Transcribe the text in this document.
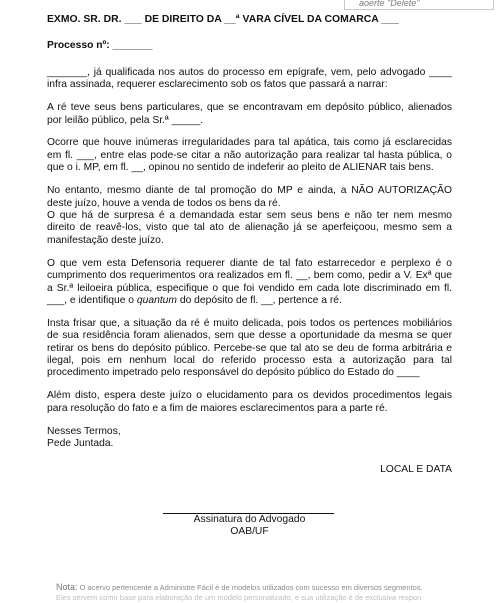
aoerte "Delete"
EXMO. SR. DR. ___ DE DIREITO DA __ª VARA CÍVEL DA COMARCA ___
Processo nº: _______

_______, já qualificada nos autos do processo em epígrafe, vem, pelo advogado ____ infra assinada, requerer esclarecimento sob os fatos que passará a narrar:

A ré teve seus bens particulares, que se encontravam em depósito público, alienados por leilão público, pela Sr.ª _____.

Ocorre que houve inúmeras irregularidades para tal apática, tais como já esclarecidas em fl. ___, entre elas pode-se citar a não autorização para realizar tal hasta pública, o que o i. MP, em fl. __, opinou no sentido de indeferir ao pleito de ALIENAR tais bens.

No entanto, mesmo diante de tal promoção do MP e ainda, a NÃO AUTORIZAÇÃO deste juízo, houve a venda de todos os bens da ré.

O que há de surpresa é a demandada estar sem seus bens e não ter nem mesmo direito de reavê-los, visto que tal ato de alienação já se aperfeiçoou, mesmo sem a manifestação deste juízo.

O que vem esta Defensoria requerer diante de tal fato estarrecedor e perplexo é o cumprimento dos requerimentos ora realizados em fl. __, bem como, pedir a V. Exª que a Sr.ª leiloeira pública, especifique o que foi vendido em cada lote discriminado em fl. ___, e identifique o quantum do depósito de fl. __, pertence a ré.

Insta frisar que, a situação da ré é muito delicada, pois todos os pertences mobiliários de sua residência foram alienados, sem que desse a oportunidade da mesma se quer retirar os bens do depósito público. Percebe-se que tal ato se deu de forma arbitrária e ilegal, pois em nenhum local do referido processo esta a autorização para tal procedimento impetrado pelo responsável do depósito público do Estado do ____

Além disto, espera deste juízo o elucidamento para os devidos procedimentos legais para resolução do fato e a fim de maiores esclarecimentos para a parte ré.

Nesses Termos,
Pede Juntada.
LOCAL E DATA
Assinatura do Advogado
OAB/UF
Nota: O acervo pertencente a Administre Fácil é de modelos utilizados com sucesso em diversos segmentos.
Eles servem como base para elaboração de um modelo personalizado, e sua utilização é de exclusiva respon
